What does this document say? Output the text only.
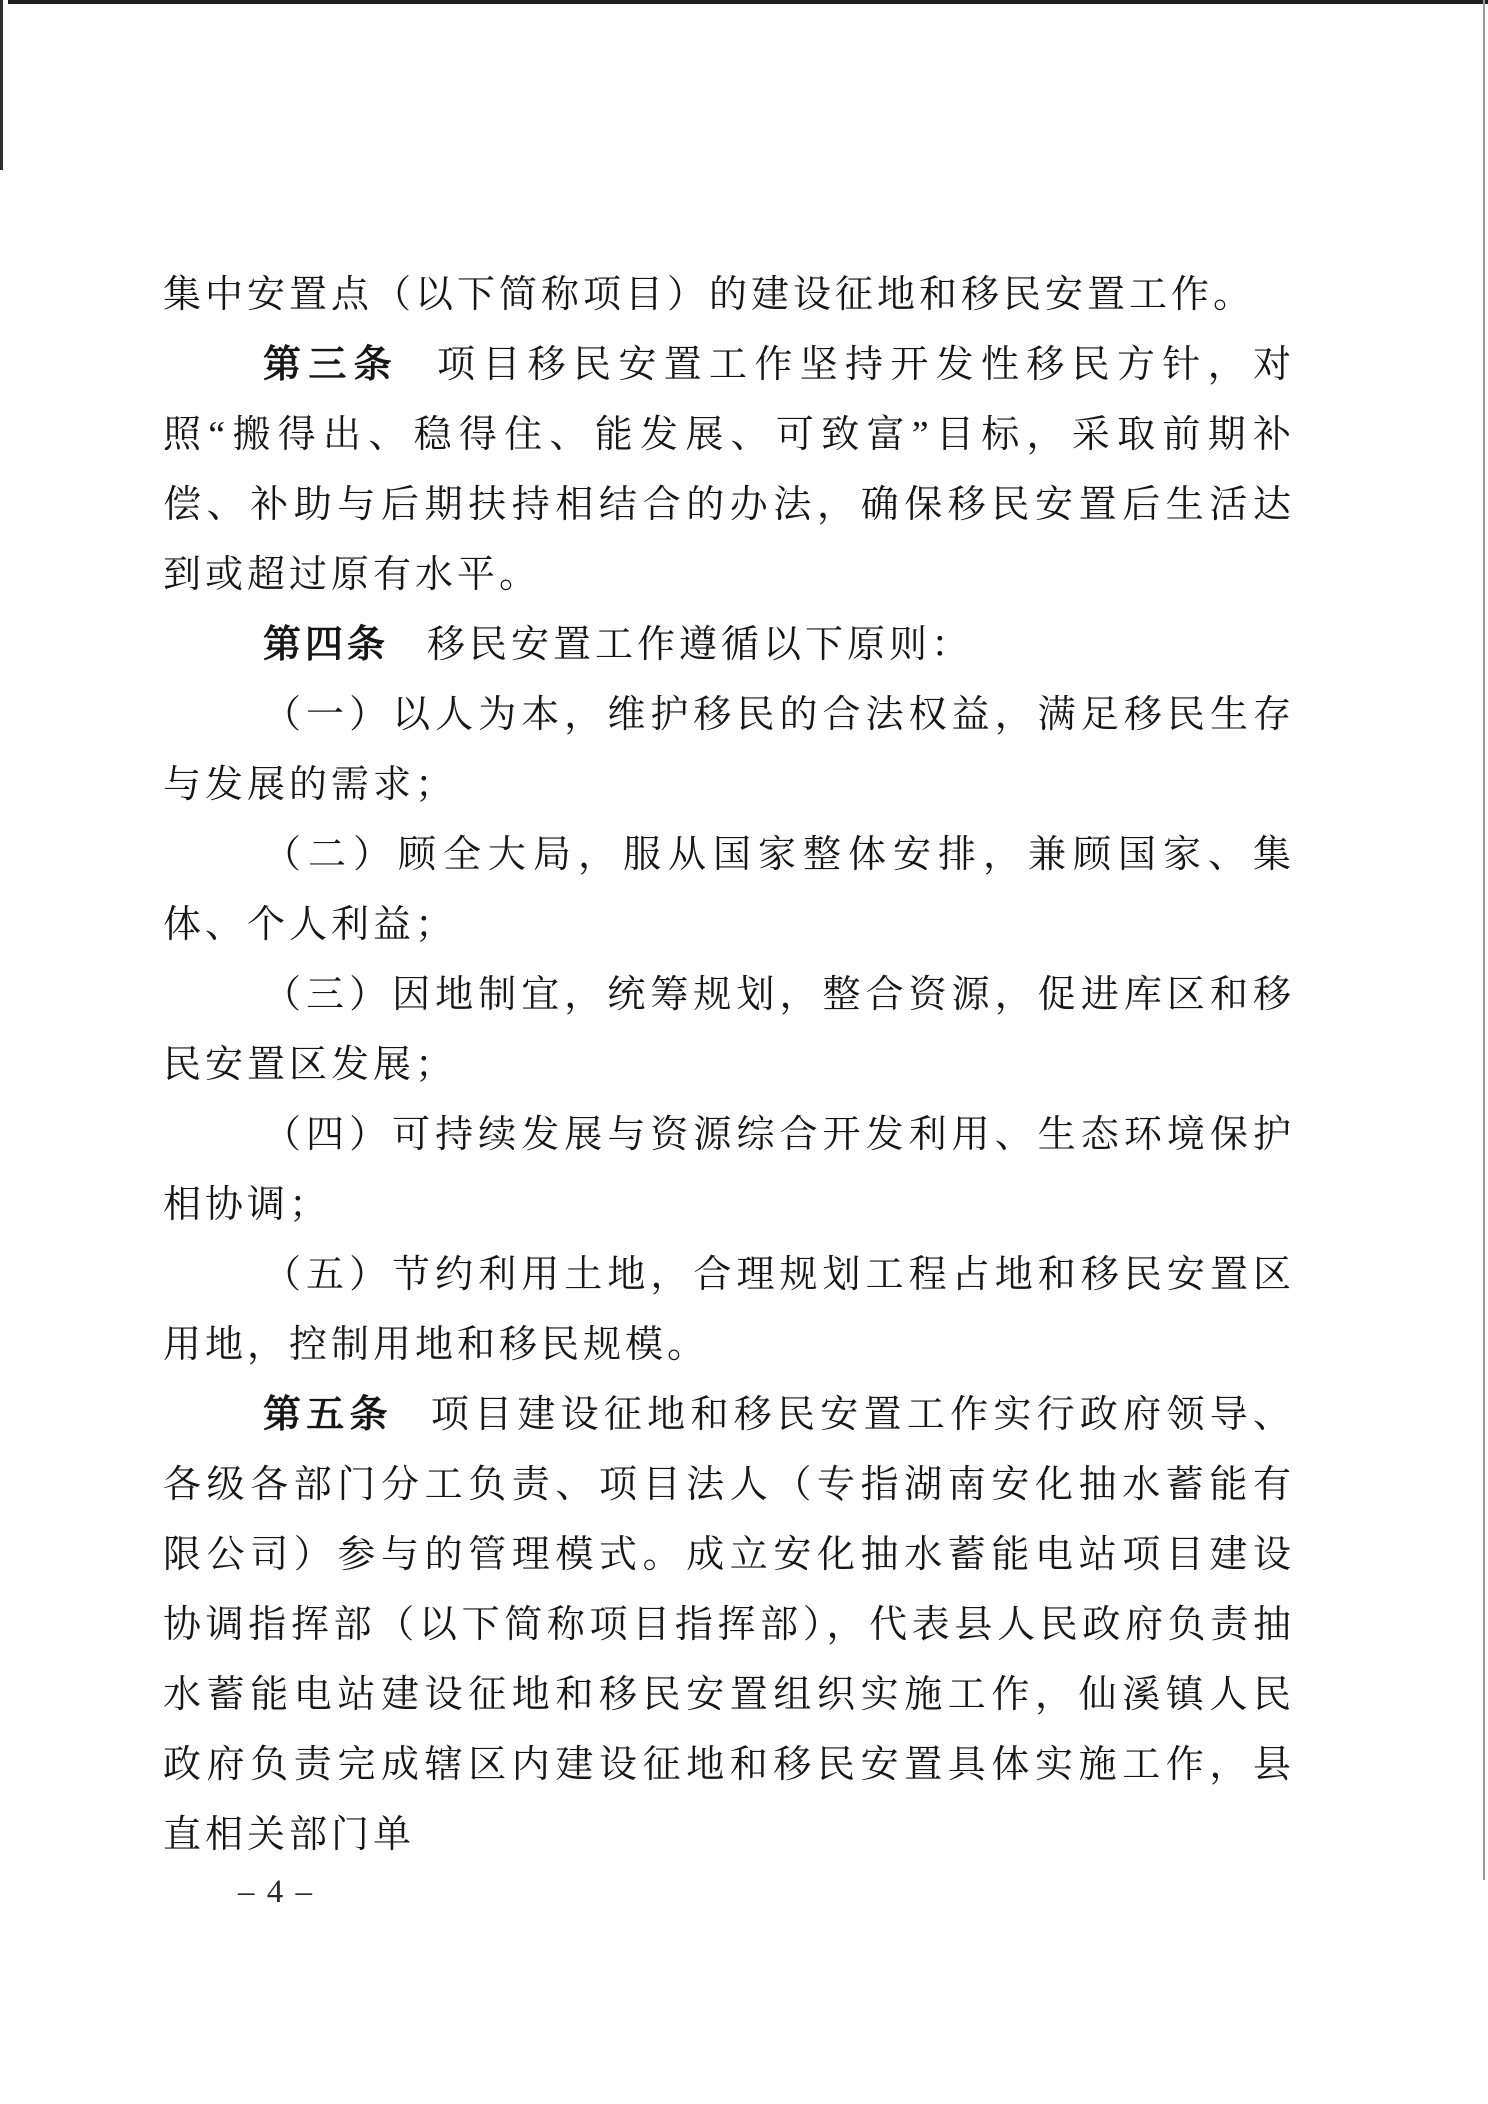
集中安置点（以下简称项目）的建设征地和移民安置工作。

第三条 项目移民安置工作坚持开发性移民方针，对照“搬得出、稳得住、能发展、可致富”目标，采取前期补偿、补助与后期扶持相结合的办法，确保移民安置后生活达到或超过原有水平。

第四条 移民安置工作遵循以下原则：

（一）以人为本，维护移民的合法权益，满足移民生存与发展的需求；

（二）顾全大局，服从国家整体安排，兼顾国家、集体、个人利益；

（三）因地制宜，统筹规划，整合资源，促进库区和移民安置区发展；

（四）可持续发展与资源综合开发利用、生态环境保护相协调；

（五）节约利用土地，合理规划工程占地和移民安置区用地，控制用地和移民规模。

第五条 项目建设征地和移民安置工作实行政府领导、各级各部门分工负责、项目法人（专指湖南安化抽水蓄能有限公司）参与的管理模式。成立安化抽水蓄能电站项目建设协调指挥部（以下简称项目指挥部），代表县人民政府负责抽水蓄能电站建设征地和移民安置组织实施工作，仙溪镇人民政府负责完成辖区内建设征地和移民安置具体实施工作，县直相关部门单

– 4 –
